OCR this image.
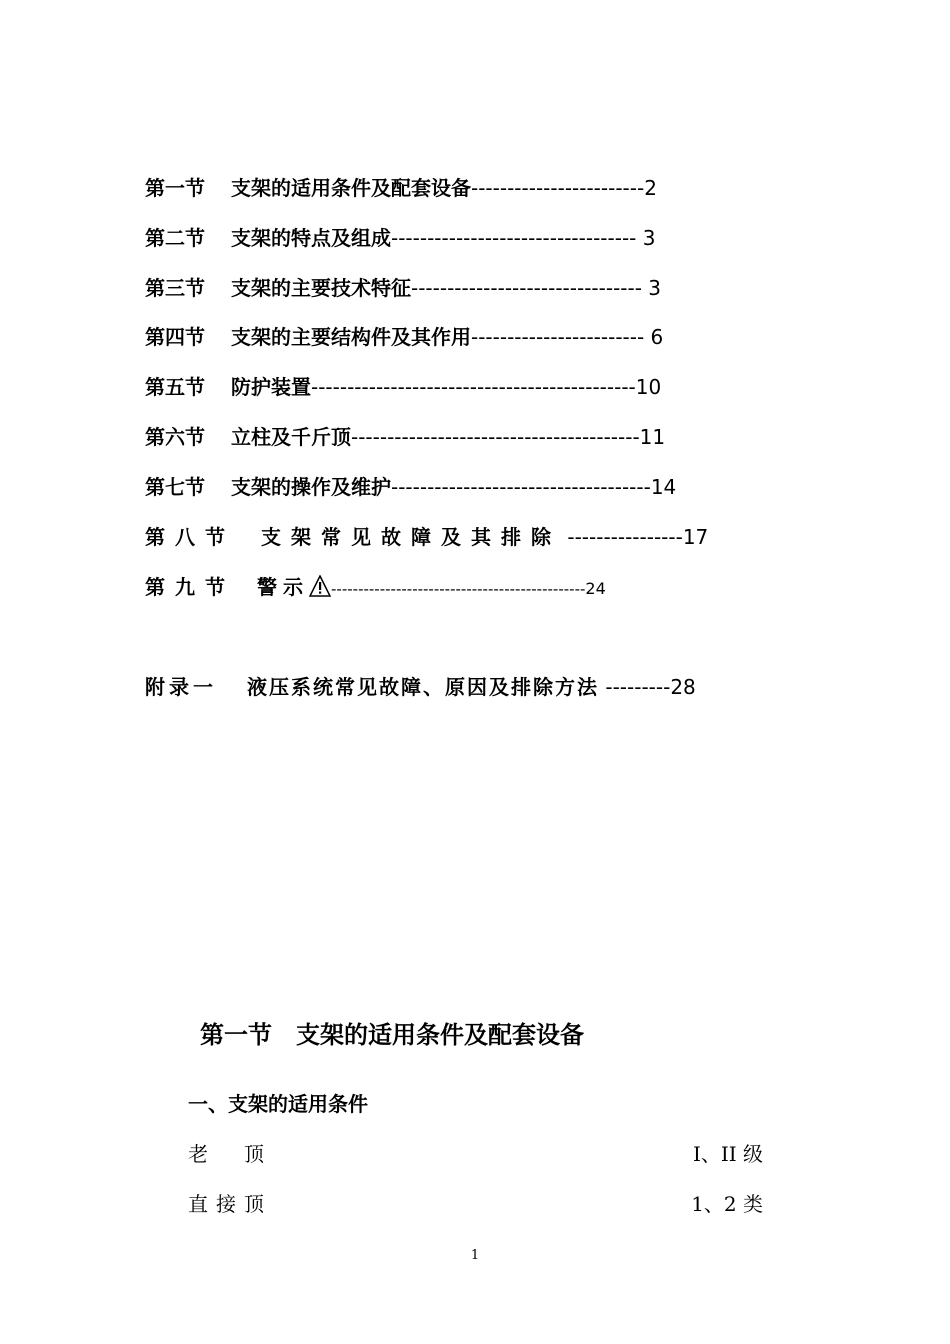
第一节 支架的适用条件及配套设备------------------------2
第二节 支架的特点及组成---------------------------------- 3
第三节 支架的主要技术特征-------------------------------- 3
第四节 支架的主要结构件及其作用------------------------ 6
第五节 防护装置---------------------------------------------10
第六节 立柱及千斤顶----------------------------------------11
第七节 支架的操作及维护------------------------------------14
第八节 支架常见故障及其排除 ----------------17
第九节 警示 -----------------------------------------------24
附录一 液压系统常见故障、原因及排除方法 ---------28
第一节　支架的适用条件及配套设备
一、支架的适用条件
老　顶	I、II 级
直接顶	1、2 类
1
